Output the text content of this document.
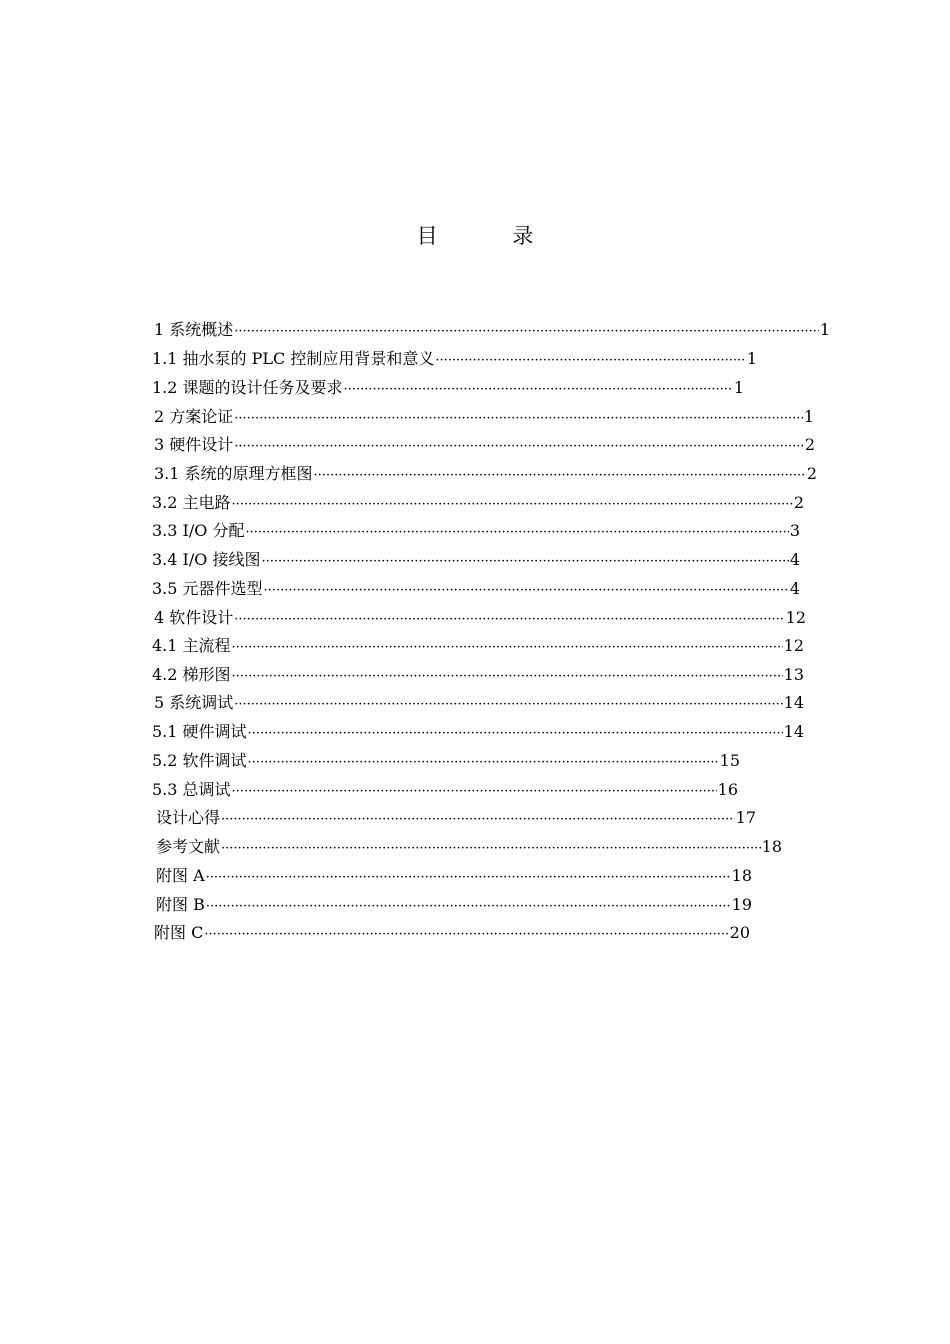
目 录
1 系统概述 ·····	1
1.1 抽水泵的 PLC 控制应用背景和意义 ·····	1
1.2 课题的设计任务及要求 ·····	1
2 方案论证 ·····	1
3 硬件设计 ·····	2
3.1 系统的原理方框图 ·····	2
3.2 主电路 ·····	2
3.3 I/O 分配 ·····	3
3.4 I/O 接线图 ·····	4
3.5 元器件选型 ·····	4
4 软件设计 ·····	12
4.1 主流程 ·····	12
4.2 梯形图 ·····	13
5 系统调试 ·····	14
5.1 硬件调试 ·····	14
5.2 软件调试 ·····	15
5.3 总调试 ·····	16
设计心得 ·····	17
参考文献 ·····	18
附图 A ·····	18
附图 B ·····	19
附图 C ·····	20
